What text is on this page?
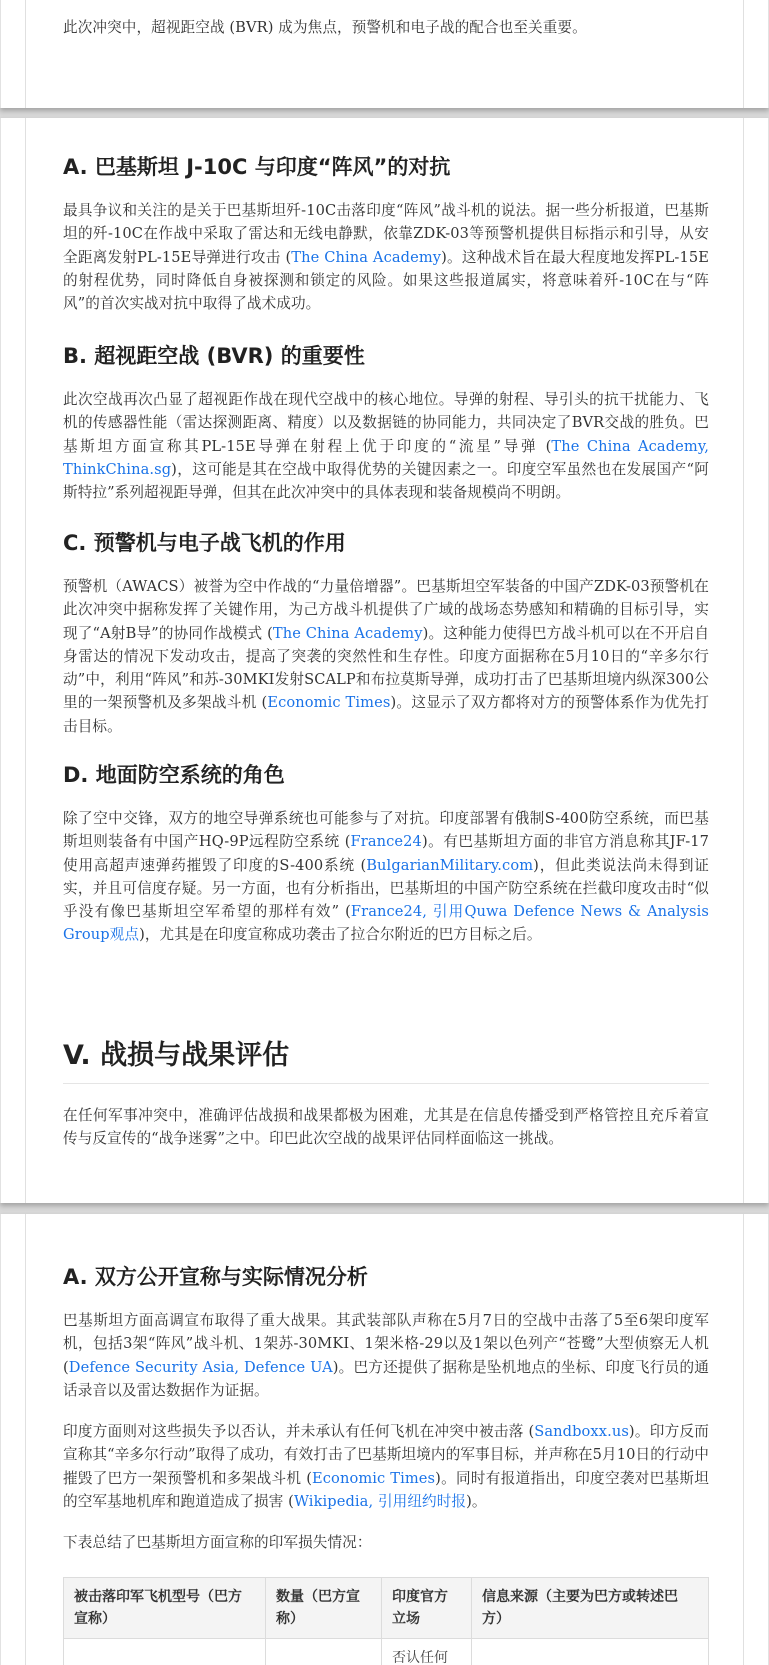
此次冲突中，超视距空战 (BVR) 成为焦点，预警机和电子战的配合也至关重要。

A. 巴基斯坦 J-10C 与印度“阵风”的对抗

最具争议和关注的是关于巴基斯坦歼-10C击落印度“阵风”战斗机的说法。据一些分析报道，巴基斯坦的歼-10C在作战中采取了雷达和无线电静默，依靠ZDK-03等预警机提供目标指示和引导，从安全距离发射PL-15E导弹进行攻击 (The China Academy)。这种战术旨在最大程度地发挥PL-15E的射程优势，同时降低自身被探测和锁定的风险。如果这些报道属实，将意味着歼-10C在与“阵风”的首次实战对抗中取得了战术成功。

B. 超视距空战 (BVR) 的重要性

此次空战再次凸显了超视距作战在现代空战中的核心地位。导弹的射程、导引头的抗干扰能力、飞机的传感器性能（雷达探测距离、精度）以及数据链的协同能力，共同决定了BVR交战的胜负。巴基斯坦方面宣称其PL-15E导弹在射程上优于印度的“流星”导弹 (The China Academy, ThinkChina.sg)，这可能是其在空战中取得优势的关键因素之一。印度空军虽然也在发展国产“阿斯特拉”系列超视距导弹，但其在此次冲突中的具体表现和装备规模尚不明朗。

C. 预警机与电子战飞机的作用

预警机（AWACS）被誉为空中作战的“力量倍增器”。巴基斯坦空军装备的中国产ZDK-03预警机在此次冲突中据称发挥了关键作用，为己方战斗机提供了广域的战场态势感知和精确的目标引导，实现了“A射B导”的协同作战模式 (The China Academy)。这种能力使得巴方战斗机可以在不开启自身雷达的情况下发动攻击，提高了突袭的突然性和生存性。印度方面据称在5月10日的“辛多尔行动”中，利用“阵风”和苏-30MKI发射SCALP和布拉莫斯导弹，成功打击了巴基斯坦境内纵深300公里的一架预警机及多架战斗机 (Economic Times)。这显示了双方都将对方的预警体系作为优先打击目标。

D. 地面防空系统的角色

除了空中交锋，双方的地空导弹系统也可能参与了对抗。印度部署有俄制S-400防空系统，而巴基斯坦则装备有中国产HQ-9P远程防空系统 (France24)。有巴基斯坦方面的非官方消息称其JF-17使用高超声速弹药摧毁了印度的S-400系统 (BulgarianMilitary.com)，但此类说法尚未得到证实，并且可信度存疑。另一方面，也有分析指出，巴基斯坦的中国产防空系统在拦截印度攻击时“似乎没有像巴基斯坦空军希望的那样有效” (France24, 引用Quwa Defence News & Analysis Group观点)，尤其是在印度宣称成功袭击了拉合尔附近的巴方目标之后。

V. 战损与战果评估

在任何军事冲突中，准确评估战损和战果都极为困难，尤其是在信息传播受到严格管控且充斥着宣传与反宣传的“战争迷雾”之中。印巴此次空战的战果评估同样面临这一挑战。

A. 双方公开宣称与实际情况分析

巴基斯坦方面高调宣布取得了重大战果。其武装部队声称在5月7日的空战中击落了5至6架印度军机，包括3架“阵风”战斗机、1架苏-30MKI、1架米格-29以及1架以色列产“苍鹭”大型侦察无人机 (Defence Security Asia, Defence UA)。巴方还提供了据称是坠机地点的坐标、印度飞行员的通话录音以及雷达数据作为证据。

印度方面则对这些损失予以否认，并未承认有任何飞机在冲突中被击落 (Sandboxx.us)。印方反而宣称其“辛多尔行动”取得了成功，有效打击了巴基斯坦境内的军事目标，并声称在5月10日的行动中摧毁了巴方一架预警机和多架战斗机 (Economic Times)。同时有报道指出，印度空袭对巴基斯坦的空军基地机库和跑道造成了损害 (Wikipedia, 引用纽约时报)。

下表总结了巴基斯坦方面宣称的印军损失情况：

被击落印军飞机型号（巴方宣称）	数量（巴方宣称）	印度官方立场	信息来源（主要为巴方或转述巴方）
		否认任何	
